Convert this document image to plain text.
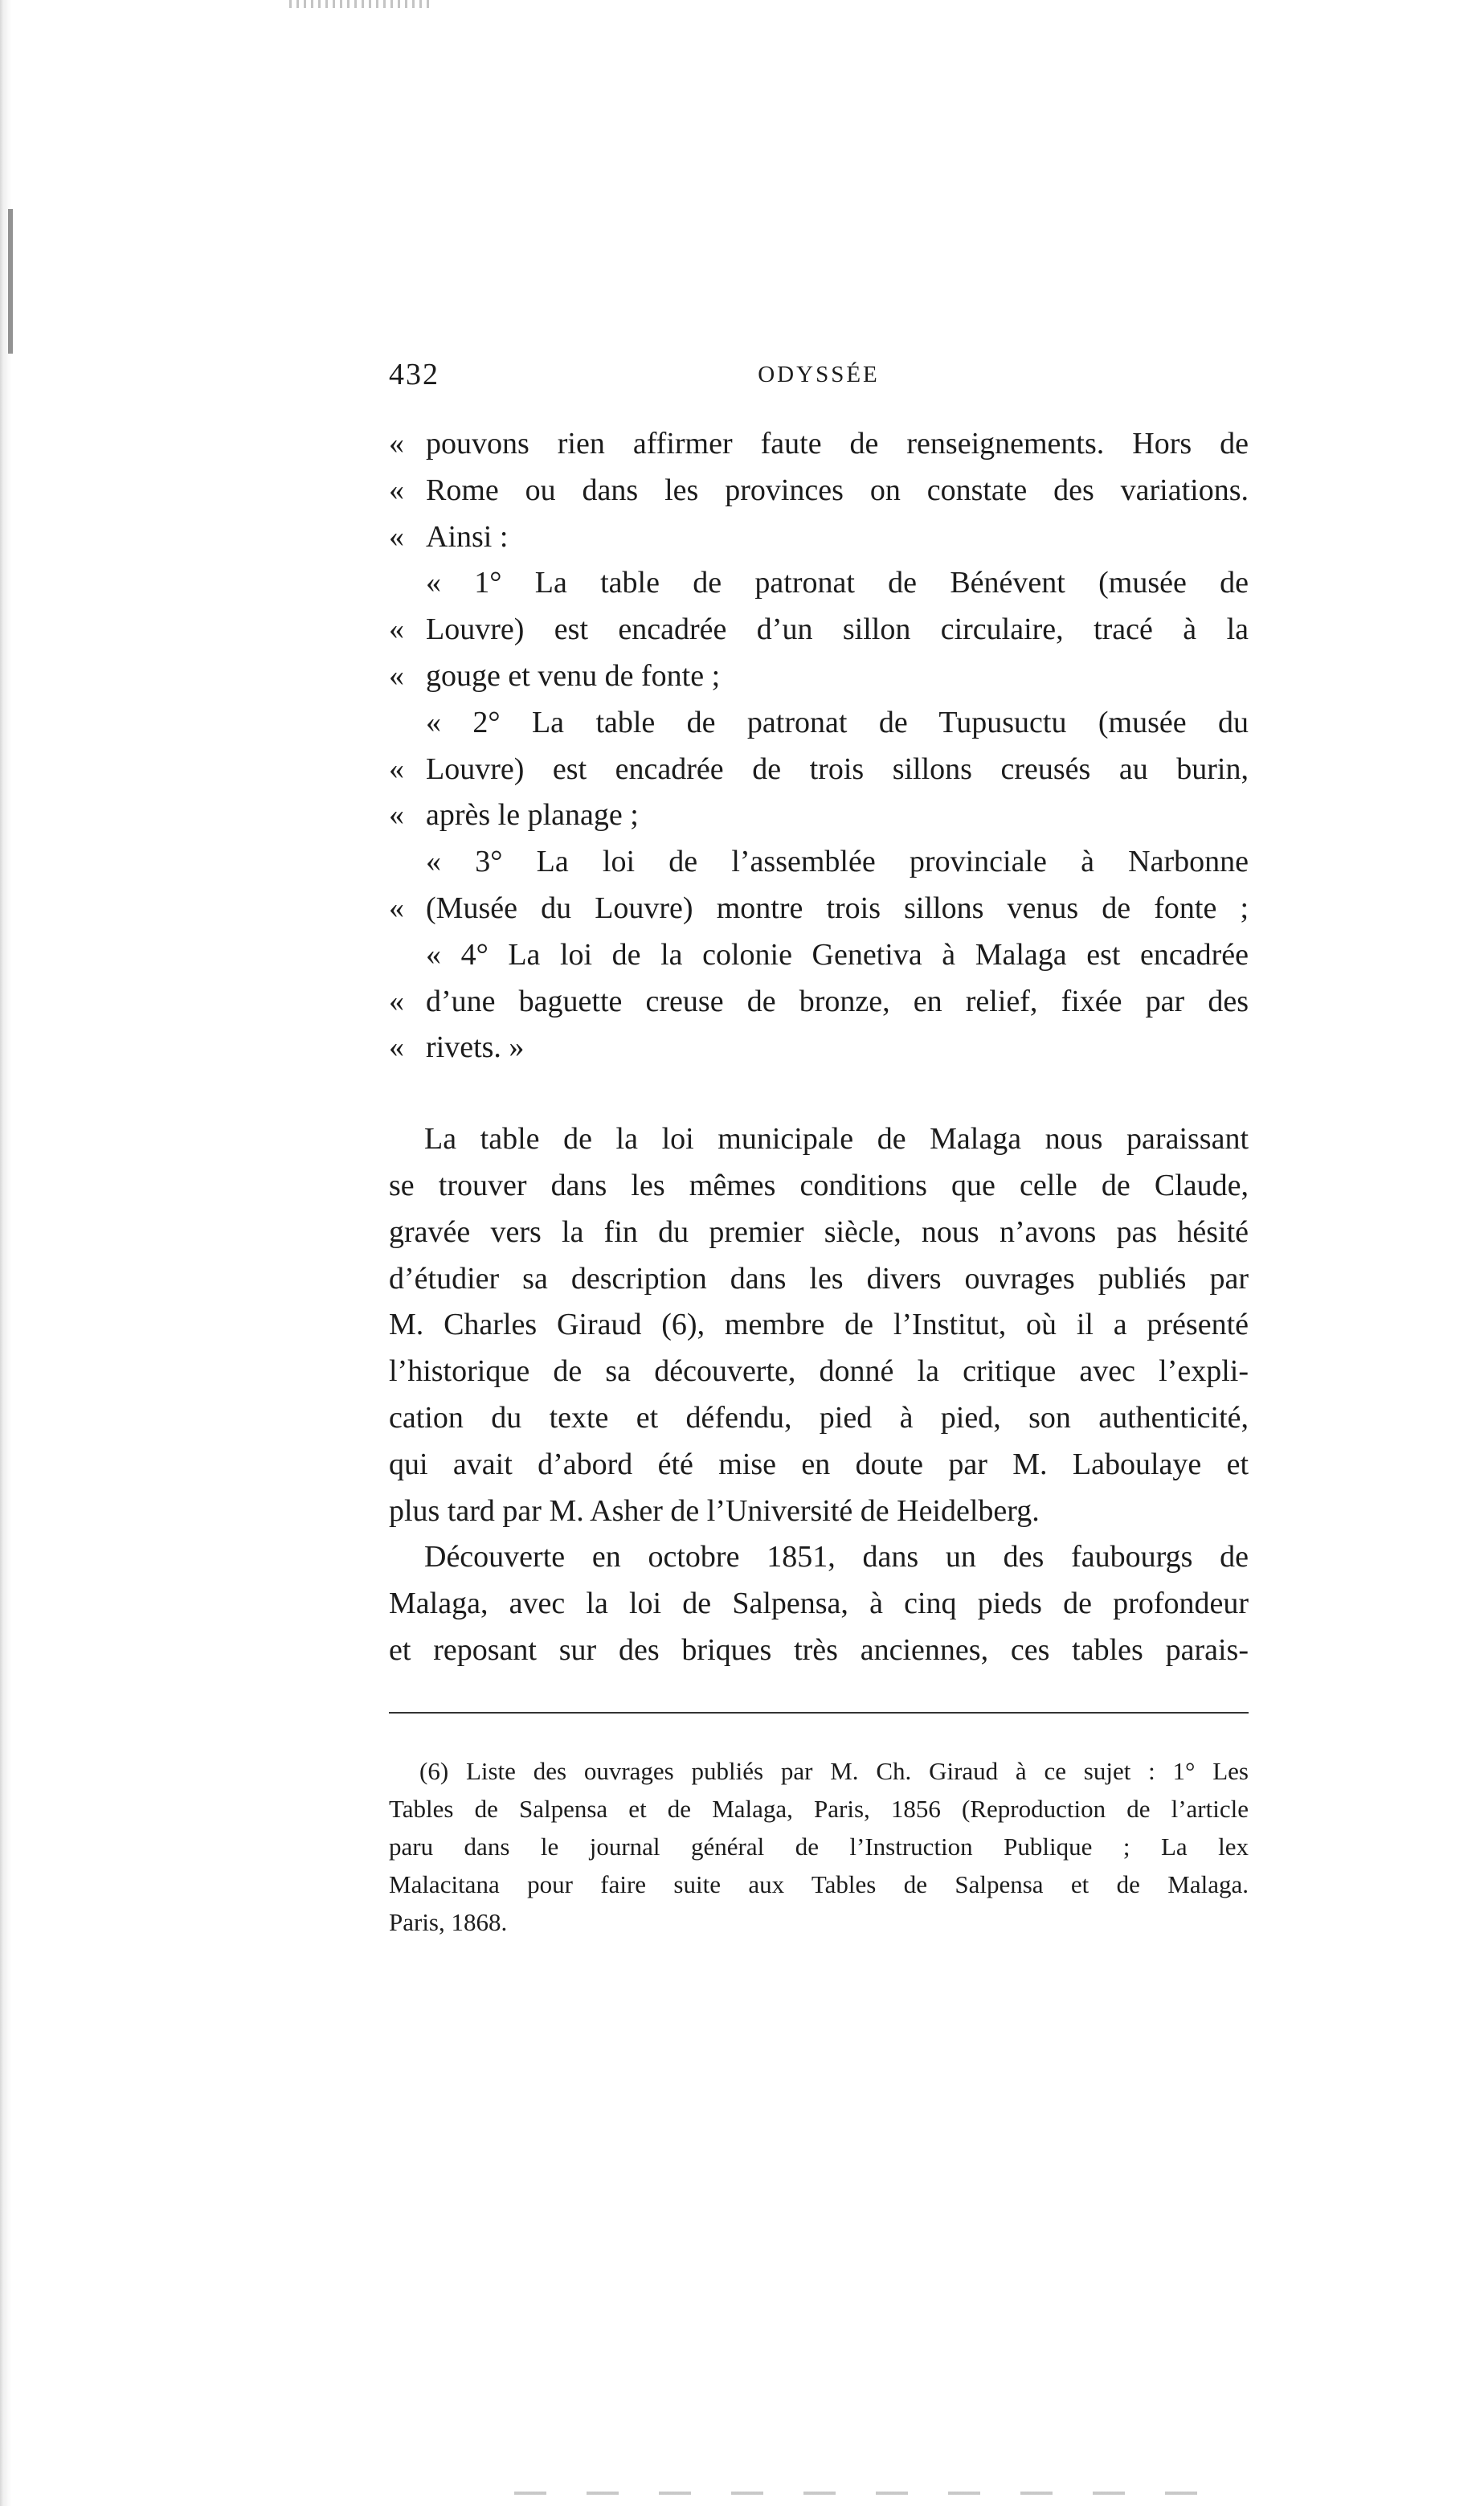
432	ODYSSÉE
« pouvons rien affirmer faute de renseignements. Hors de
« Rome ou dans les provinces on constate des variations.
« Ainsi :
« 1° La table de patronat de Bénévent (musée de
« Louvre) est encadrée d’un sillon circulaire, tracé à la
« gouge et venu de fonte ;
« 2° La table de patronat de Tupusuctu (musée du
« Louvre) est encadrée de trois sillons creusés au burin,
« après le planage ;
« 3° La loi de l’assemblée provinciale à Narbonne
« (Musée du Louvre) montre trois sillons venus de fonte ;
« 4° La loi de la colonie Genetiva à Malaga est encadrée
« d’une baguette creuse de bronze, en relief, fixée par des
« rivets. »
La table de la loi municipale de Malaga nous paraissant
se trouver dans les mêmes conditions que celle de Claude,
gravée vers la fin du premier siècle, nous n’avons pas hésité
d’étudier sa description dans les divers ouvrages publiés par
M. Charles Giraud (6), membre de l’Institut, où il a présenté
l’historique de sa découverte, donné la critique avec l’expli-
cation du texte et défendu, pied à pied, son authenticité,
qui avait d’abord été mise en doute par M. Laboulaye et
plus tard par M. Asher de l’Université de Heidelberg.
Découverte en octobre 1851, dans un des faubourgs de
Malaga, avec la loi de Salpensa, à cinq pieds de profondeur
et reposant sur des briques très anciennes, ces tables parais-
(6) Liste des ouvrages publiés par M. Ch. Giraud à ce sujet : 1° Les
Tables de Salpensa et de Malaga, Paris, 1856 (Reproduction de l’article
paru dans le journal général de l’Instruction Publique ; La lex
Malacitana pour faire suite aux Tables de Salpensa et de Malaga.
Paris, 1868.
